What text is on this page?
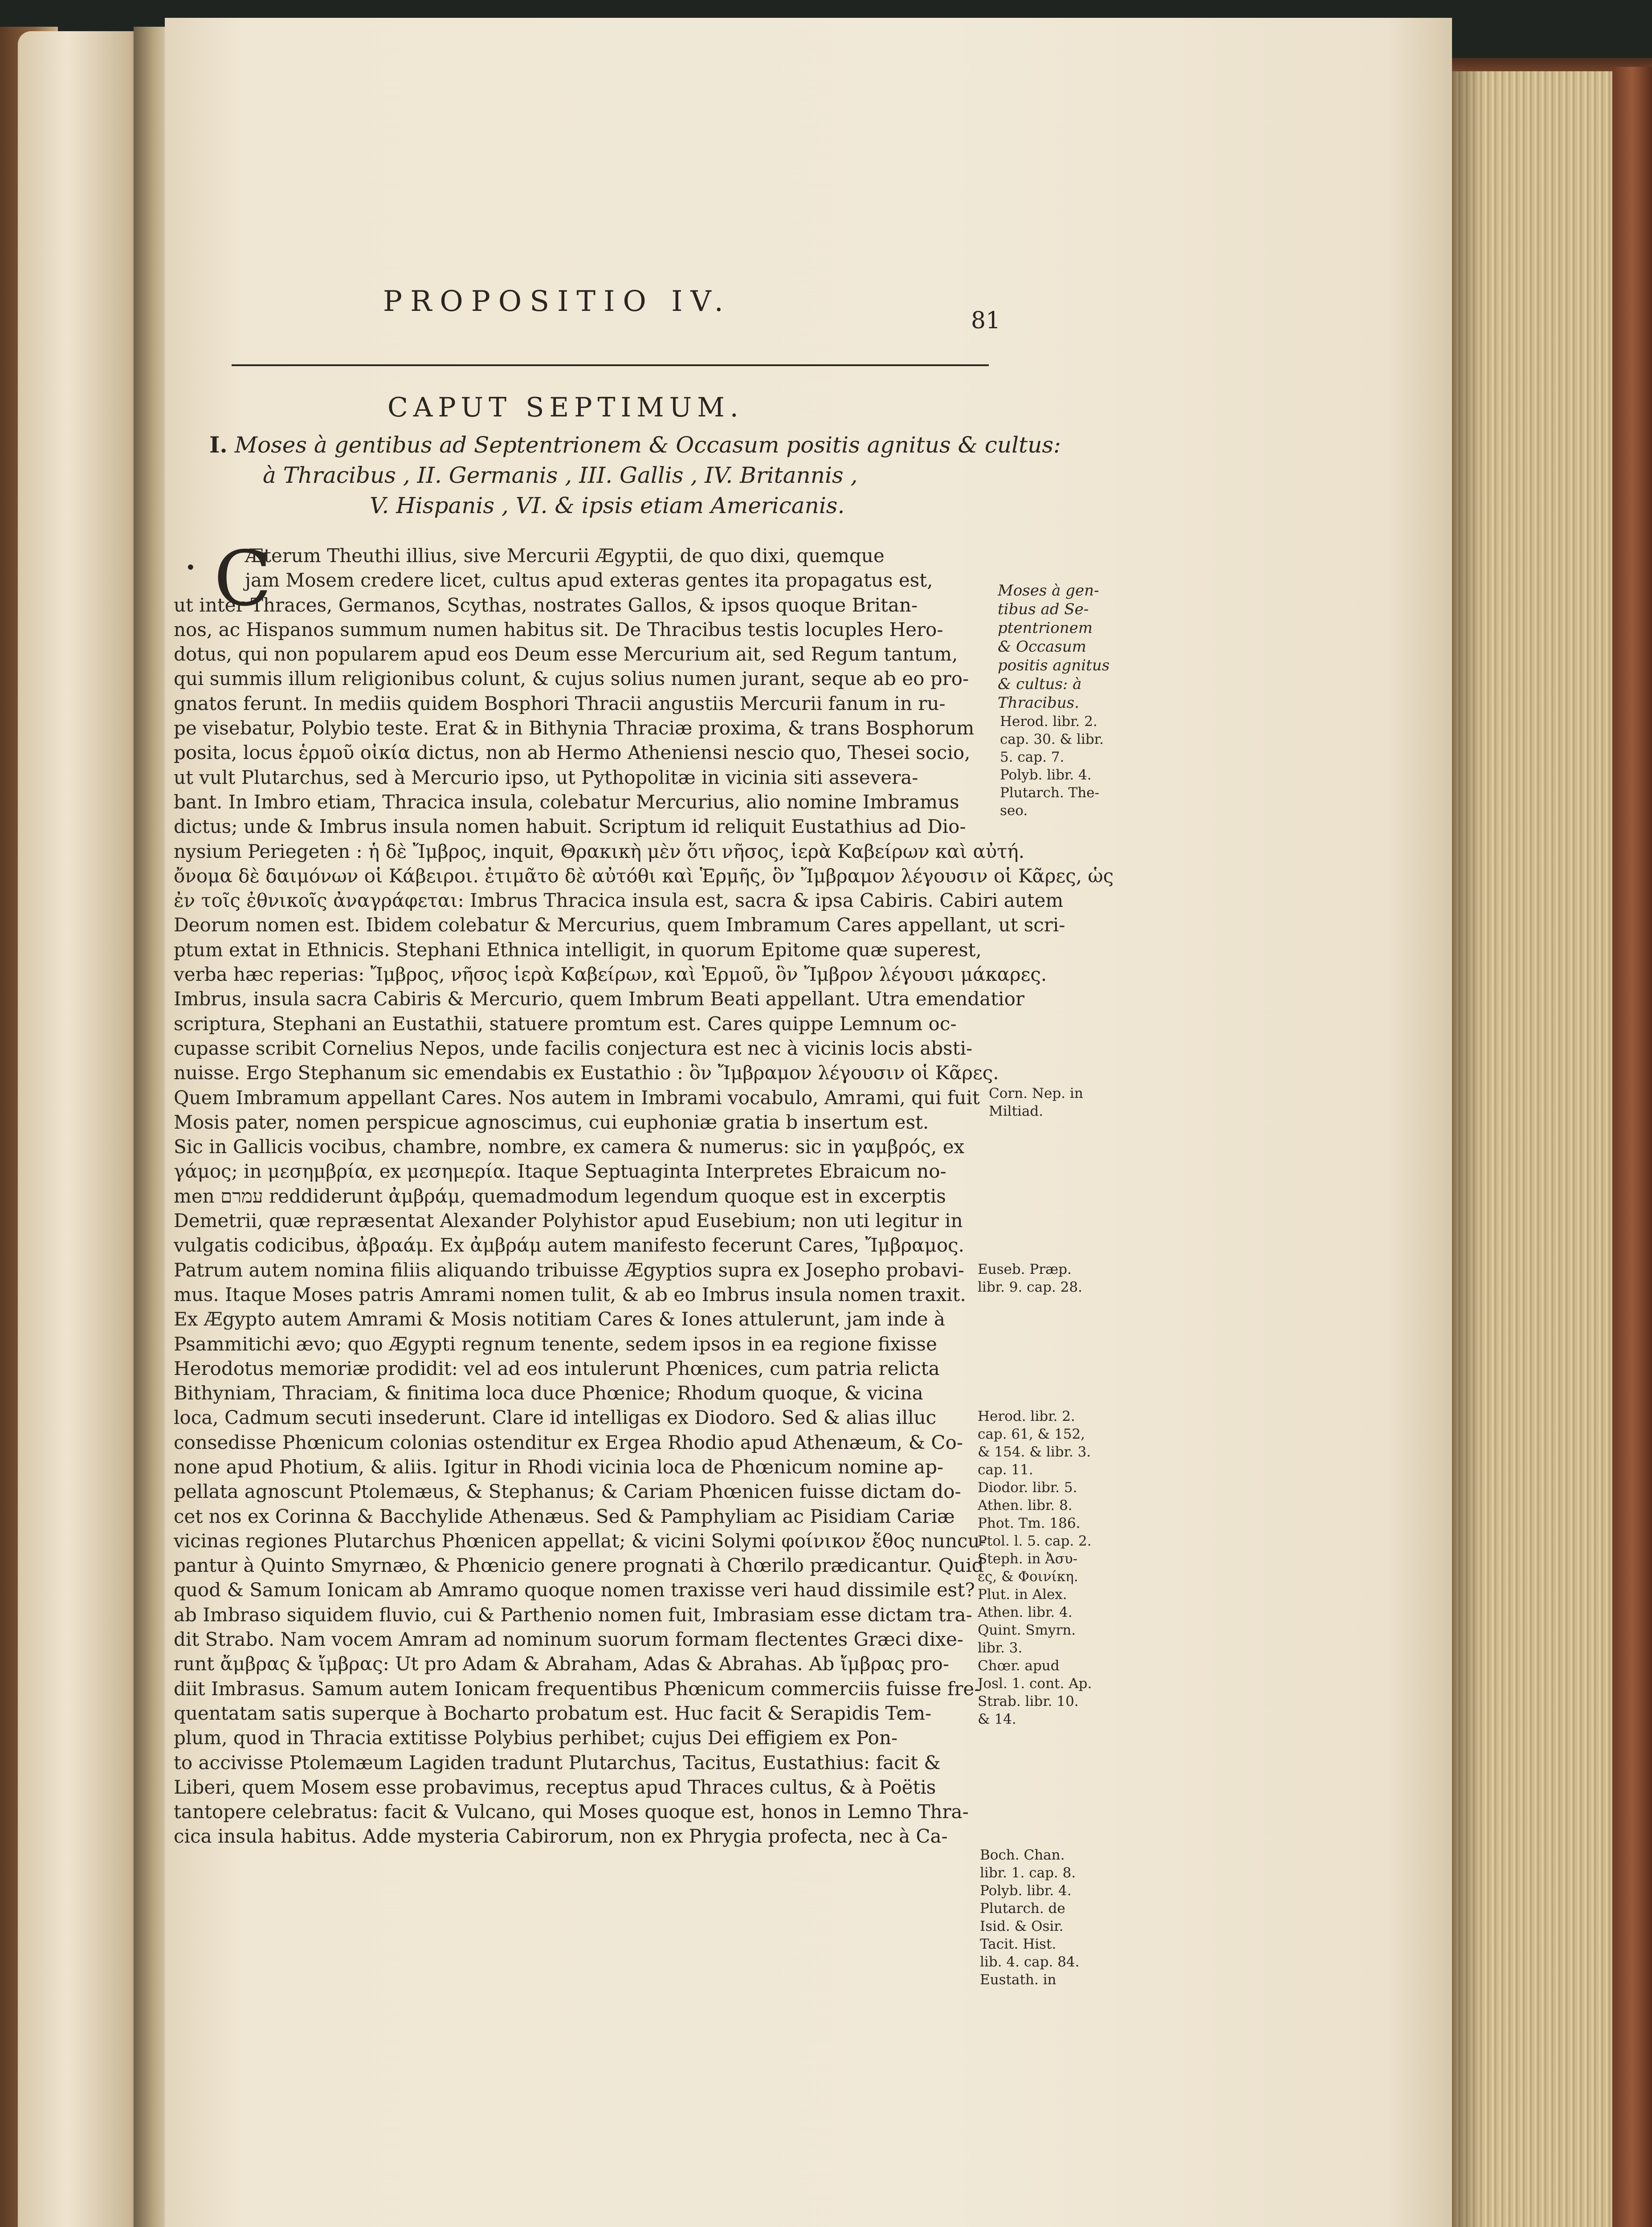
PROPOSITIO IV.
81
CAPUT SEPTIMUM.
I. Moses à gentibus ad Septentrionem & Occasum positis agnitus & cultus:
à Thracibus , II. Germanis , III. Gallis , IV. Britannis ,
V. Hispanis , VI. & ipsis etiam Americanis.
• C
Æterum Theuthi illius, sive Mercurii Ægyptii, de quo dixi, quemque
jam Mosem credere licet, cultus apud exteras gentes ita propagatus est,
ut inter Thraces, Germanos, Scythas, nostrates Gallos, & ipsos quoque Britan-
nos, ac Hispanos summum numen habitus sit. De Thracibus testis locuples Hero-
dotus, qui non popularem apud eos Deum esse Mercurium ait, sed Regum tantum,
qui summis illum religionibus colunt, & cujus solius numen jurant, seque ab eo pro-
gnatos ferunt. In mediis quidem Bosphori Thracii angustiis Mercurii fanum in ru-
pe visebatur, Polybio teste. Erat & in Bithynia Thraciæ proxima, & trans Bosphorum
posita, locus ἑρμοῦ οἰκία dictus, non ab Hermo Atheniensi nescio quo, Thesei socio,
ut vult Plutarchus, sed à Mercurio ipso, ut Pythopolitæ in vicinia siti assevera-
bant. In Imbro etiam, Thracica insula, colebatur Mercurius, alio nomine Imbramus
dictus; unde & Imbrus insula nomen habuit. Scriptum id reliquit Eustathius ad Dio-
nysium Periegeten : ἡ δὲ Ἴμβρος, inquit, Θρακικὴ μὲν ὅτι νῆσος, ἱερὰ Καβείρων καὶ αὐτή.
ὄνομα δὲ δαιμόνων οἱ Κάβειροι. ἐτιμᾶτο δὲ αὐτόθι καὶ Ἑρμῆς, ὃν Ἴμβραμον λέγουσιν οἱ Κᾶρες, ὡς
ἐν τοῖς ἐθνικοῖς ἀναγράφεται: Imbrus Thracica insula est, sacra & ipsa Cabiris. Cabiri autem
Deorum nomen est. Ibidem colebatur & Mercurius, quem Imbramum Cares appellant, ut scri-
ptum extat in Ethnicis. Stephani Ethnica intelligit, in quorum Epitome quæ superest,
verba hæc reperias: Ἴμβρος, νῆσος ἱερὰ Καβείρων, καὶ Ἑρμοῦ, ὃν Ἴμβρον λέγουσι μάκαρες.
Imbrus, insula sacra Cabiris & Mercurio, quem Imbrum Beati appellant. Utra emendatior
scriptura, Stephani an Eustathii, statuere promtum est. Cares quippe Lemnum oc-
cupasse scribit Cornelius Nepos, unde facilis conjectura est nec à vicinis locis absti-
nuisse. Ergo Stephanum sic emendabis ex Eustathio : ὃν Ἴμβραμον λέγουσιν οἱ Κᾶρες.
Quem Imbramum appellant Cares. Nos autem in Imbrami vocabulo, Amrami, qui fuit
Mosis pater, nomen perspicue agnoscimus, cui euphoniæ gratia b insertum est.
Sic in Gallicis vocibus, chambre, nombre, ex camera & numerus: sic in γαμβρός, ex
γάμος; in μεσημβρία, ex μεσημερία. Itaque Septuaginta Interpretes Ebraicum no-
men עמרם reddiderunt ἀμβράμ, quemadmodum legendum quoque est in excerptis
Demetrii, quæ repræsentat Alexander Polyhistor apud Eusebium; non uti legitur in
vulgatis codicibus, ἀβραάμ. Ex ἀμβράμ autem manifesto fecerunt Cares, Ἴμβραμος.
Patrum autem nomina filiis aliquando tribuisse Ægyptios supra ex Josepho probavi-
mus. Itaque Moses patris Amrami nomen tulit, & ab eo Imbrus insula nomen traxit.
Ex Ægypto autem Amrami & Mosis notitiam Cares & Iones attulerunt, jam inde à
Psammitichi ævo; quo Ægypti regnum tenente, sedem ipsos in ea regione fixisse
Herodotus memoriæ prodidit: vel ad eos intulerunt Phœnices, cum patria relicta
Bithyniam, Thraciam, & finitima loca duce Phœnice; Rhodum quoque, & vicina
loca, Cadmum secuti insederunt. Clare id intelligas ex Diodoro. Sed & alias illuc
consedisse Phœnicum colonias ostenditur ex Ergea Rhodio apud Athenæum, & Co-
none apud Photium, & aliis. Igitur in Rhodi vicinia loca de Phœnicum nomine ap-
pellata agnoscunt Ptolemæus, & Stephanus; & Cariam Phœnicen fuisse dictam do-
cet nos ex Corinna & Bacchylide Athenæus. Sed & Pamphyliam ac Pisidiam Cariæ
vicinas regiones Plutarchus Phœnicen appellat; & vicini Solymi φοίνικον ἔθος nuncu-
pantur à Quinto Smyrnæo, & Phœnicio genere prognati à Chœrilo prædicantur. Quid
quod & Samum Ionicam ab Amramo quoque nomen traxisse veri haud dissimile est?
ab Imbraso siquidem fluvio, cui & Parthenio nomen fuit, Imbrasiam esse dictam tra-
dit Strabo. Nam vocem Amram ad nominum suorum formam flectentes Græci dixe-
runt ἄμβρας & ἴμβρας: Ut pro Adam & Abraham, Adas & Abrahas. Ab ἴμβρας pro-
diit Imbrasus. Samum autem Ionicam frequentibus Phœnicum commerciis fuisse fre-
quentatam satis superque à Bocharto probatum est. Huc facit & Serapidis Tem-
plum, quod in Thracia extitisse Polybius perhibet; cujus Dei effigiem ex Pon-
to accivisse Ptolemæum Lagiden tradunt Plutarchus, Tacitus, Eustathius: facit &
Liberi, quem Mosem esse probavimus, receptus apud Thraces cultus, & à Poëtis
tantopere celebratus: facit & Vulcano, qui Moses quoque est, honos in Lemno Thra-
cica insula habitus. Adde mysteria Cabirorum, non ex Phrygia profecta, nec à Ca-
Moses à gen-
tibus ad Se-
ptentrionem
& Occasum
positis agnitus
& cultus: à
Thracibus.
Herod. libr. 2.
cap. 30. & libr.
5. cap. 7.
Polyb. libr. 4.
Plutarch. The-
seo.
Corn. Nep. in
Miltiad.
Euseb. Præp.
libr. 9. cap. 28.
Herod. libr. 2.
cap. 61, & 152,
& 154. & libr. 3.
cap. 11.
Diodor. libr. 5.
Athen. libr. 8.
Phot. Tm. 186.
Ptol. l. 5. cap. 2.
Steph. in Ἀσυ-
ες, & Φοινίκη.
Plut. in Alex.
Athen. libr. 4.
Quint. Smyrn.
libr. 3.
Chœr. apud
Josl. 1. cont. Ap.
Strab. libr. 10.
& 14.
Boch. Chan.
libr. 1. cap. 8.
Polyb. libr. 4.
Plutarch. de
Isid. & Osir.
Tacit. Hist.
lib. 4. cap. 84.
Eustath. in
